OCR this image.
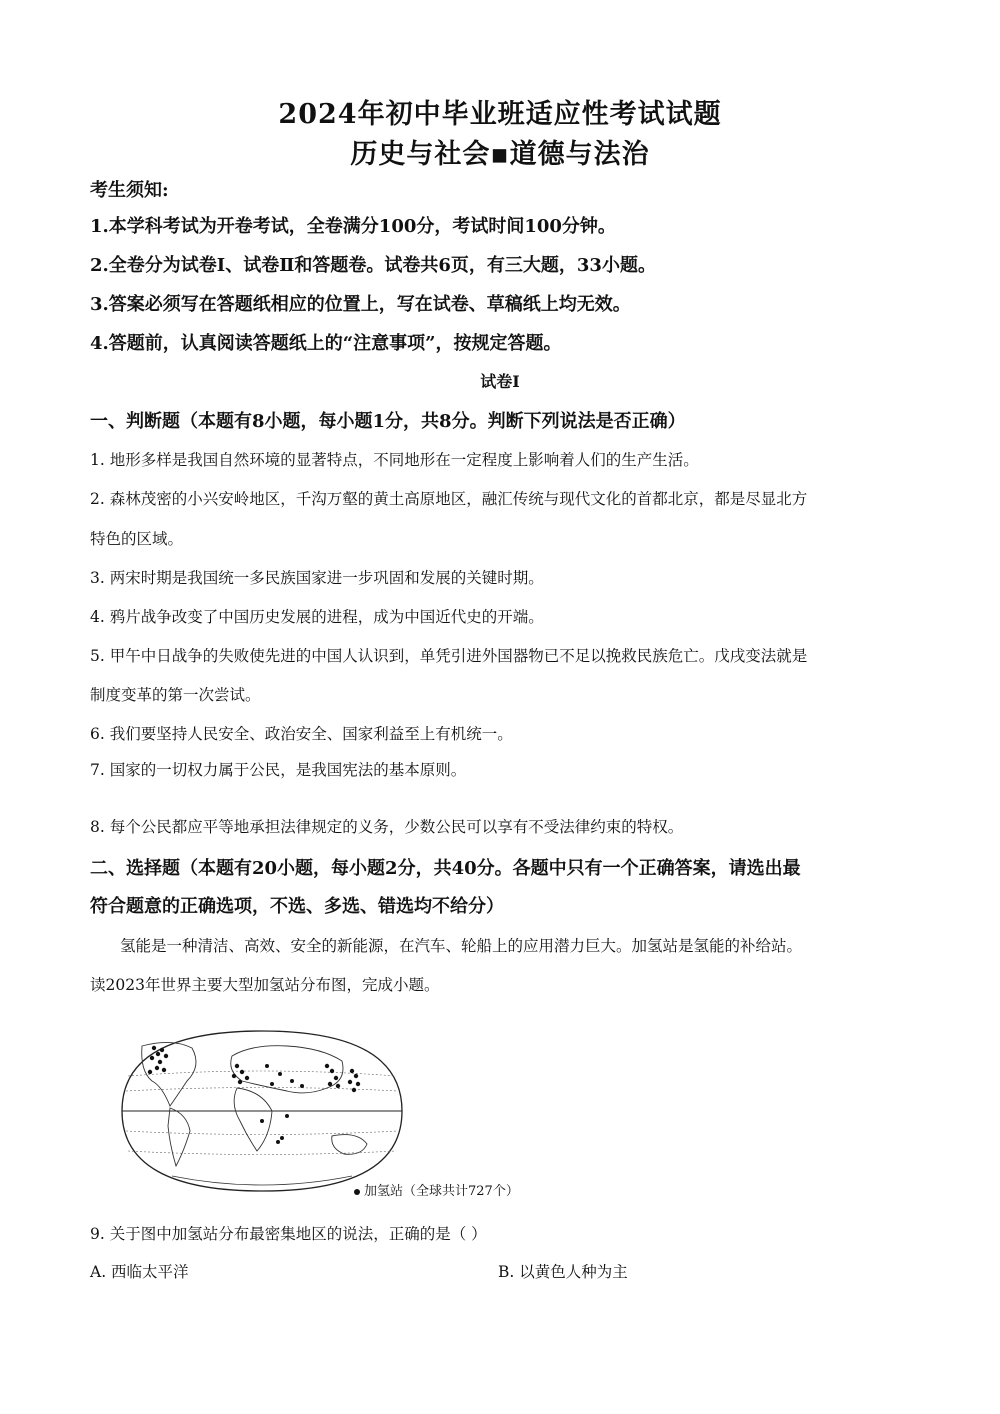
2024年初中毕业班适应性考试试题
历史与社会▪道德与法治
考生须知:
1.本学科考试为开卷考试，全卷满分100分，考试时间100分钟。
2.全卷分为试卷Ⅰ、试卷Ⅱ和答题卷。试卷共6页，有三大题，33小题。
3.答案必须写在答题纸相应的位置上，写在试卷、草稿纸上均无效。
4.答题前，认真阅读答题纸上的“注意事项”，按规定答题。
试卷Ⅰ
一、判断题（本题有8小题，每小题1分，共8分。判断下列说法是否正确）
1. 地形多样是我国自然环境的显著特点，不同地形在一定程度上影响着人们的生产生活。
2. 森林茂密的小兴安岭地区，千沟万壑的黄土高原地区，融汇传统与现代文化的首都北京，都是尽显北方
特色的区域。
3. 两宋时期是我国统一多民族国家进一步巩固和发展的关键时期。
4. 鸦片战争改变了中国历史发展的进程，成为中国近代史的开端。
5. 甲午中日战争的失败使先进的中国人认识到，单凭引进外国器物已不足以挽救民族危亡。戊戌变法就是
制度变革的第一次尝试。
6. 我们要坚持人民安全、政治安全、国家利益至上有机统一。
7. 国家的一切权力属于公民，是我国宪法的基本原则。
8. 每个公民都应平等地承担法律规定的义务，少数公民可以享有不受法律约束的特权。
二、选择题（本题有20小题，每小题2分，共40分。各题中只有一个正确答案，请选出最
符合题意的正确选项，不选、多选、错选均不给分）
氢能是一种清洁、高效、安全的新能源，在汽车、轮船上的应用潜力巨大。加氢站是氢能的补给站。
读2023年世界主要大型加氢站分布图，完成小题。
加氢站（全球共计727个）
9. 关于图中加氢站分布最密集地区的说法，正确的是（ ）
A. 西临太平洋	B. 以黄色人种为主
